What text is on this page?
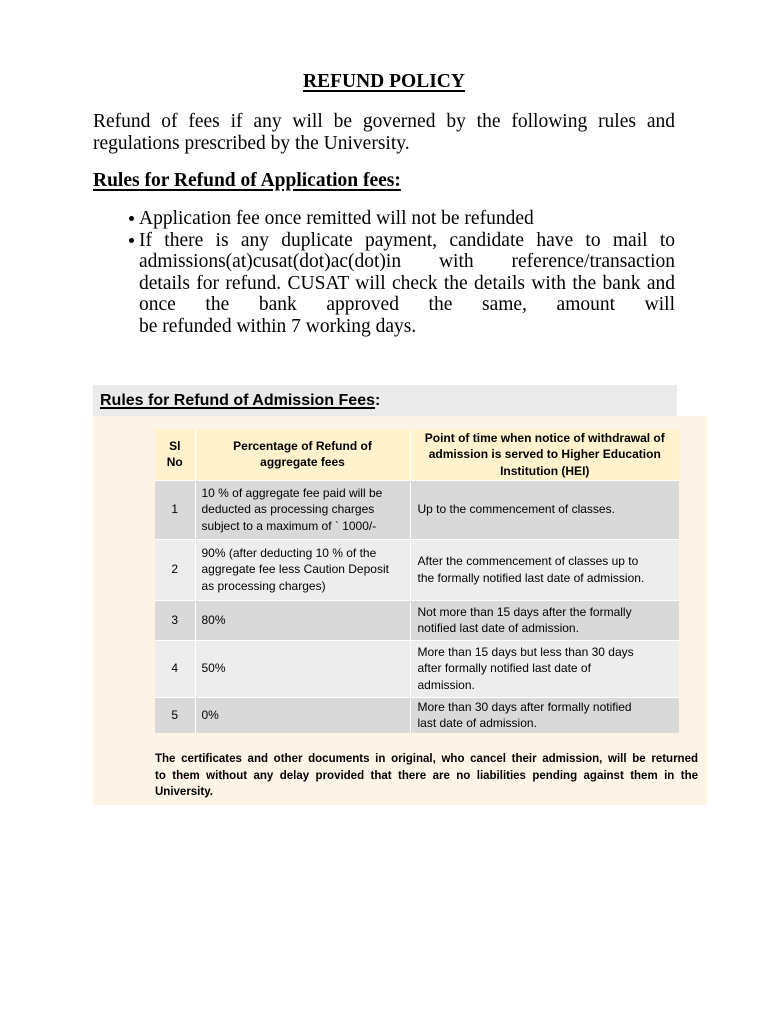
REFUND POLICY
Refund of fees if any will be governed by the following rules and
regulations prescribed by the University.
Rules for Refund of Application fees:
Application fee once remitted will not be refunded
If there is any duplicate payment, candidate have to mail to
admissions(at)cusat(dot)ac(dot)in with reference/transaction
details for refund. CUSAT will check the details with the bank and
once the bank approved the same, amount will
be refunded within 7 working days.
Rules for Refund of Admission Fees:
Sl
No	Percentage of Refund of
aggregate fees	Point of time when notice of withdrawal of
admission is served to Higher Education
Institution (HEI)

1	10 % of aggregate fee paid will be
deducted as processing charges
subject to a maximum of ` 1000/-	Up to the commencement of classes.

2	90% (after deducting 10 % of the
aggregate fee less Caution Deposit
as processing charges)	After the commencement of classes up to
the formally notified last date of admission.

3	80%	Not more than 15 days after the formally
notified last date of admission.

4	50%	More than 15 days but less than 30 days
after formally notified last date of
admission.

5	0%	More than 30 days after formally notified
last date of admission.
The certificates and other documents in original, who cancel their admission, will be returned
to them without any delay provided that there are no liabilities pending against them in the
University.
